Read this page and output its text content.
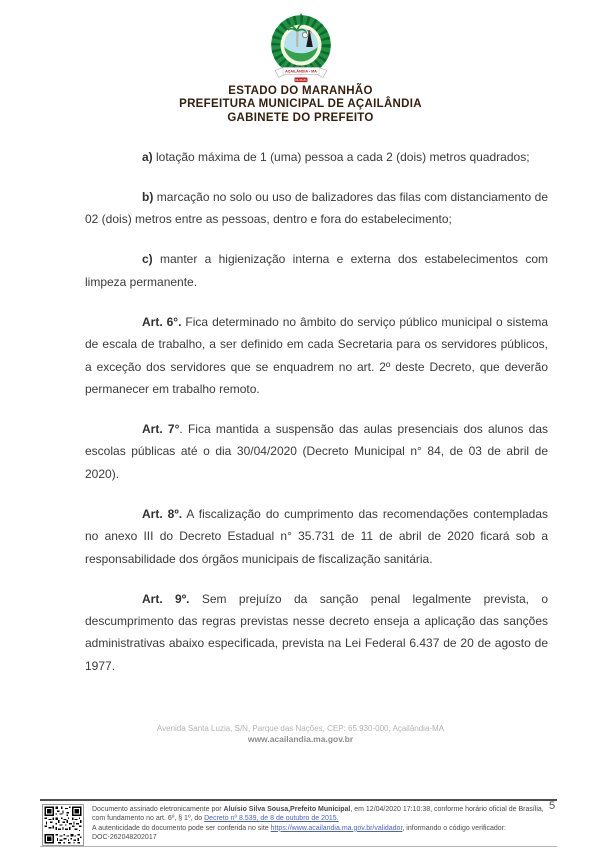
AÇAILÂNDIA - MA
06-06-81
ESTADO DO MARANHÃO
PREFEITURA MUNICIPAL DE AÇAILÂNDIA
GABINETE DO PREFEITO

a) lotação máxima de 1 (uma) pessoa a cada 2 (dois) metros quadrados;

b) marcação no solo ou uso de balizadores das filas com distanciamento de 02 (dois) metros entre as pessoas, dentro e fora do estabelecimento;

c) manter a higienização interna e externa dos estabelecimentos com limpeza permanente.

Art. 6°. Fica determinado no âmbito do serviço público municipal o sistema de escala de trabalho, a ser definido em cada Secretaria para os servidores públicos, a exceção dos servidores que se enquadrem no art. 2º deste Decreto, que deverão permanecer em trabalho remoto.

Art. 7°. Fica mantida a suspensão das aulas presenciais dos alunos das escolas públicas até o dia 30/04/2020 (Decreto Municipal n° 84, de 03 de abril de 2020).

Art. 8º. A fiscalização do cumprimento das recomendações contempladas no anexo III do Decreto Estadual n° 35.731 de 11 de abril de 2020 ficará sob a responsabilidade dos órgãos municipais de fiscalização sanitária.

Art. 9º. Sem prejuízo da sanção penal legalmente prevista, o descumprimento das regras previstas nesse decreto enseja a aplicação das sanções administrativas abaixo especificada, prevista na Lei Federal 6.437 de 20 de agosto de 1977.

Avenida Santa Luzia, S/N, Parque das Nações, CEP: 65.930-000, Açailândia-MA
www.acailandia.ma.gov.br

Documento assinado eletronicamente por Aluísio Silva Sousa,Prefeito Municipal, em 12/04/2020 17:10:38, conforme horário oficial de Brasília, com fundamento no art. 6º, § 1º, do Decreto nº 8.539, de 8 de outubro de 2015.

A autenticidade do documento pode ser conferida no site https://www.acailandia.ma.gov.br/validador, informando o código verificador:

DOC-262048202017

5
